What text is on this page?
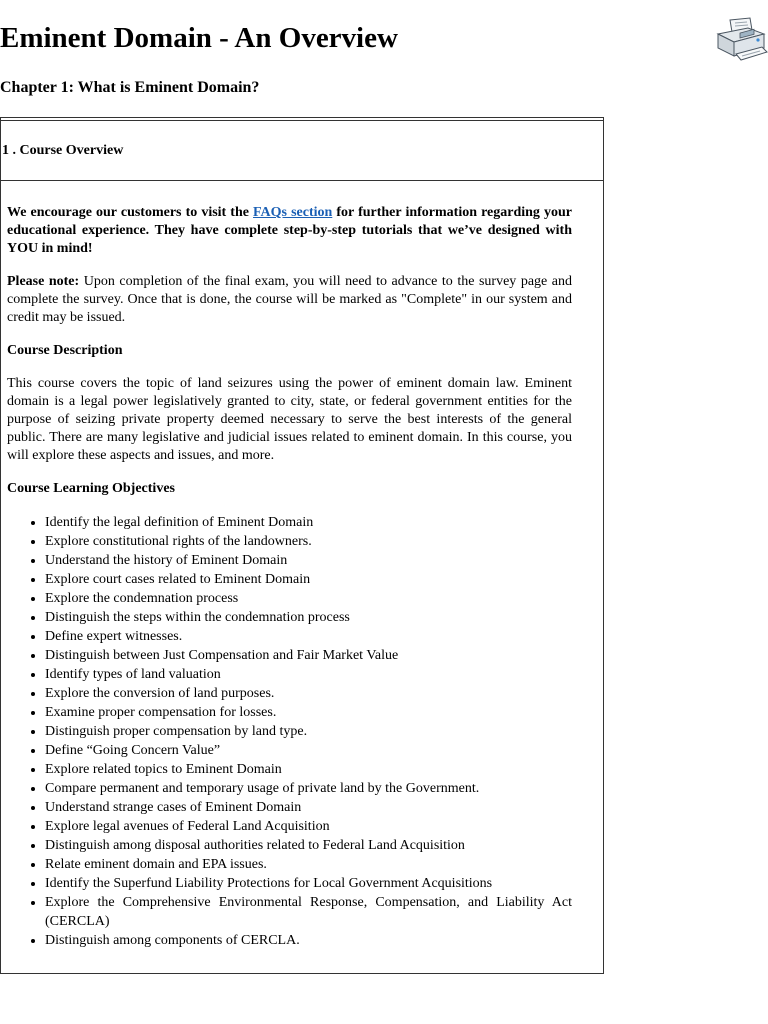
Eminent Domain - An Overview
Chapter 1: What is Eminent Domain?
1 . Course Overview

We encourage our customers to visit the FAQs section for further information regarding your educational experience. They have complete step-by-step tutorials that we’ve designed with YOU in mind!

Please note: Upon completion of the final exam, you will need to advance to the survey page and complete the survey. Once that is done, the course will be marked as "Complete" in our system and credit may be issued.

Course Description

This course covers the topic of land seizures using the power of eminent domain law. Eminent domain is a legal power legislatively granted to city, state, or federal government entities for the purpose of seizing private property deemed necessary to serve the best interests of the general public. There are many legislative and judicial issues related to eminent domain. In this course, you will explore these aspects and issues, and more.

Course Learning Objectives
• Identify the legal definition of Eminent Domain
• Explore constitutional rights of the landowners.
• Understand the history of Eminent Domain
• Explore court cases related to Eminent Domain
• Explore the condemnation process
• Distinguish the steps within the condemnation process
• Define expert witnesses.
• Distinguish between Just Compensation and Fair Market Value
• Identify types of land valuation
• Explore the conversion of land purposes.
• Examine proper compensation for losses.
• Distinguish proper compensation by land type.
• Define “Going Concern Value”
• Explore related topics to Eminent Domain
• Compare permanent and temporary usage of private land by the Government.
• Understand strange cases of Eminent Domain
• Explore legal avenues of Federal Land Acquisition
• Distinguish among disposal authorities related to Federal Land Acquisition
• Relate eminent domain and EPA issues.
• Identify the Superfund Liability Protections for Local Government Acquisitions
• Explore the Comprehensive Environmental Response, Compensation, and Liability Act (CERCLA)
• Distinguish among components of CERCLA.
